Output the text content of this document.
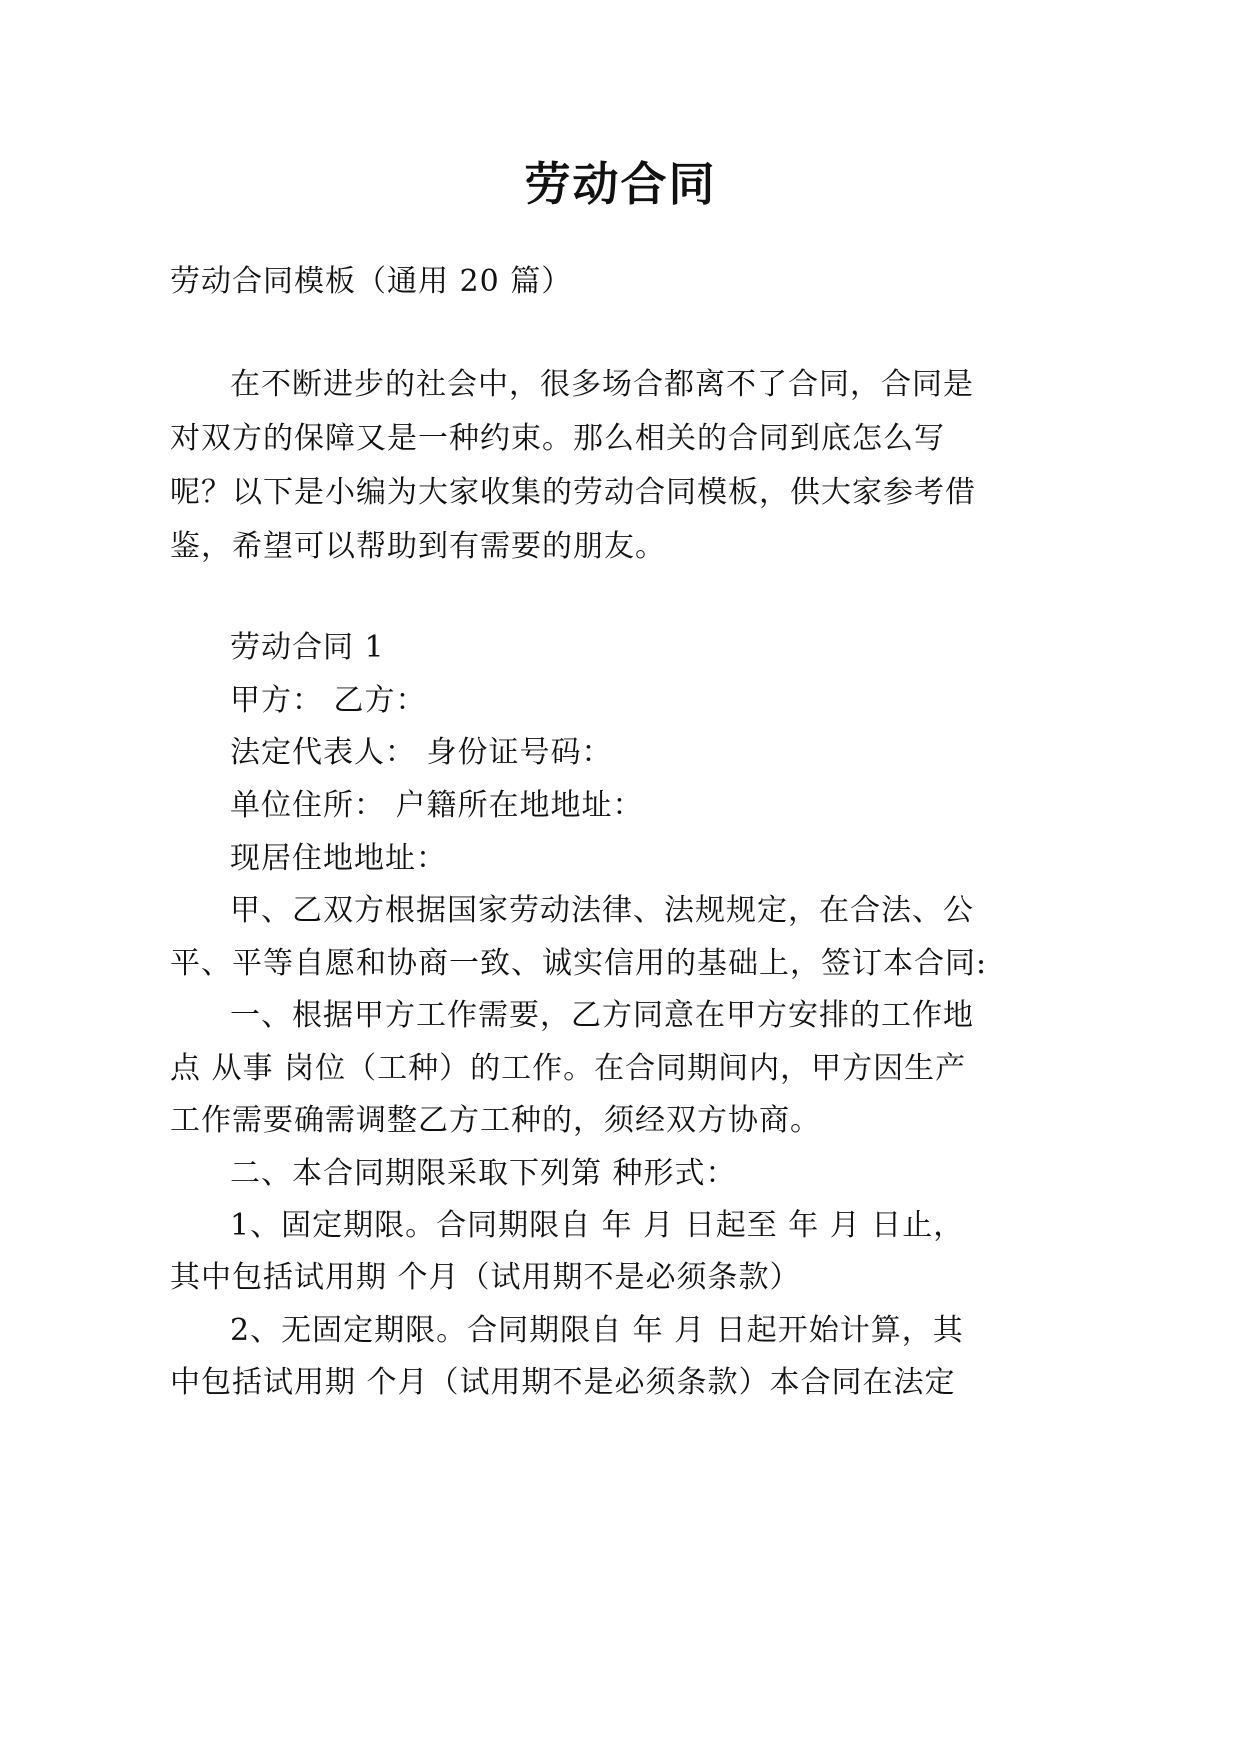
劳动合同
劳动合同模板（通用 20 篇）
在不断进步的社会中，很多场合都离不了合同，合同是
对双方的保障又是一种约束。那么相关的合同到底怎么写
呢？以下是小编为大家收集的劳动合同模板，供大家参考借
鉴，希望可以帮助到有需要的朋友。
劳动合同 1
甲方： 乙方：
法定代表人： 身份证号码：
单位住所： 户籍所在地地址：
现居住地地址：
甲、乙双方根据国家劳动法律、法规规定，在合法、公
平、平等自愿和协商一致、诚实信用的基础上，签订本合同:
一、根据甲方工作需要，乙方同意在甲方安排的工作地
点 从事 岗位（工种）的工作。在合同期间内，甲方因生产
工作需要确需调整乙方工种的，须经双方协商。
二、本合同期限采取下列第 种形式：
1、固定期限。合同期限自 年 月 日起至 年 月 日止，
其中包括试用期 个月（试用期不是必须条款）
2、无固定期限。合同期限自 年 月 日起开始计算，其
中包括试用期 个月（试用期不是必须条款）本合同在法定
